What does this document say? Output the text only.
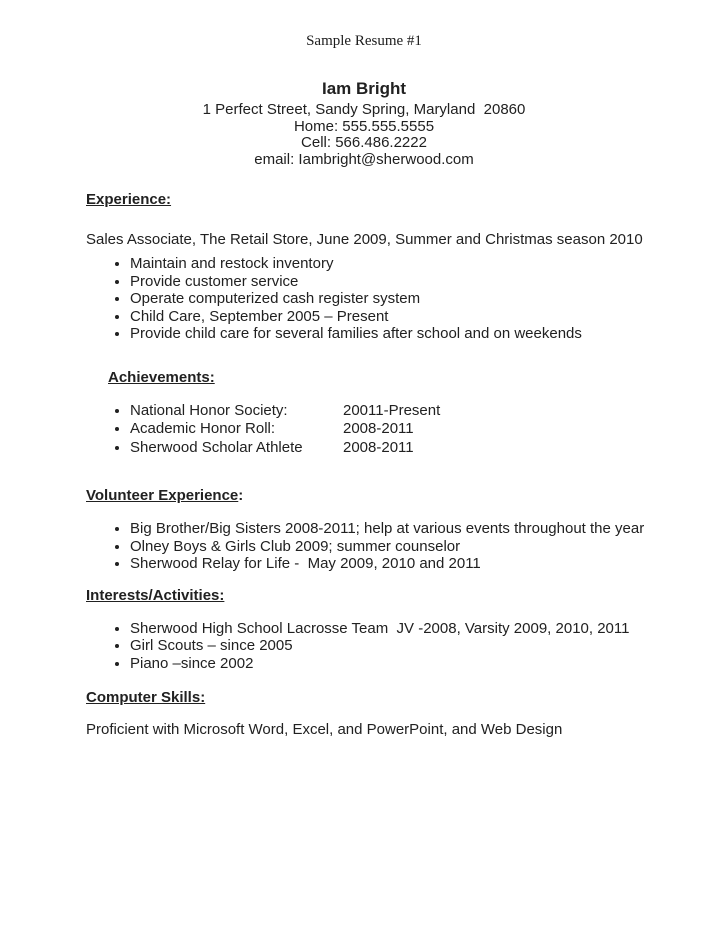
Sample Resume #1
Iam Bright
1 Perfect Street, Sandy Spring, Maryland  20860
Home: 555.555.5555
Cell: 566.486.2222
email: Iambright@sherwood.com
Experience:

Sales Associate, The Retail Store, June 2009, Summer and Christmas season 2010

• Maintain and restock inventory
• Provide customer service
• Operate computerized cash register system
• Child Care, September 2005 – Present
• Provide child care for several families after school and on weekends
Achievements:
• National Honor Society:	20011-Present
• Academic Honor Roll:	2008-2011
• Sherwood Scholar Athlete	2008-2011
Volunteer Experience:
• Big Brother/Big Sisters 2008-2011; help at various events throughout the year
• Olney Boys & Girls Club 2009; summer counselor
• Sherwood Relay for Life -  May 2009, 2010 and 2011
Interests/Activities:
• Sherwood High School Lacrosse Team  JV -2008, Varsity 2009, 2010, 2011
• Girl Scouts – since 2005
• Piano –since 2002
Computer Skills:
Proficient with Microsoft Word, Excel, and PowerPoint, and Web Design
